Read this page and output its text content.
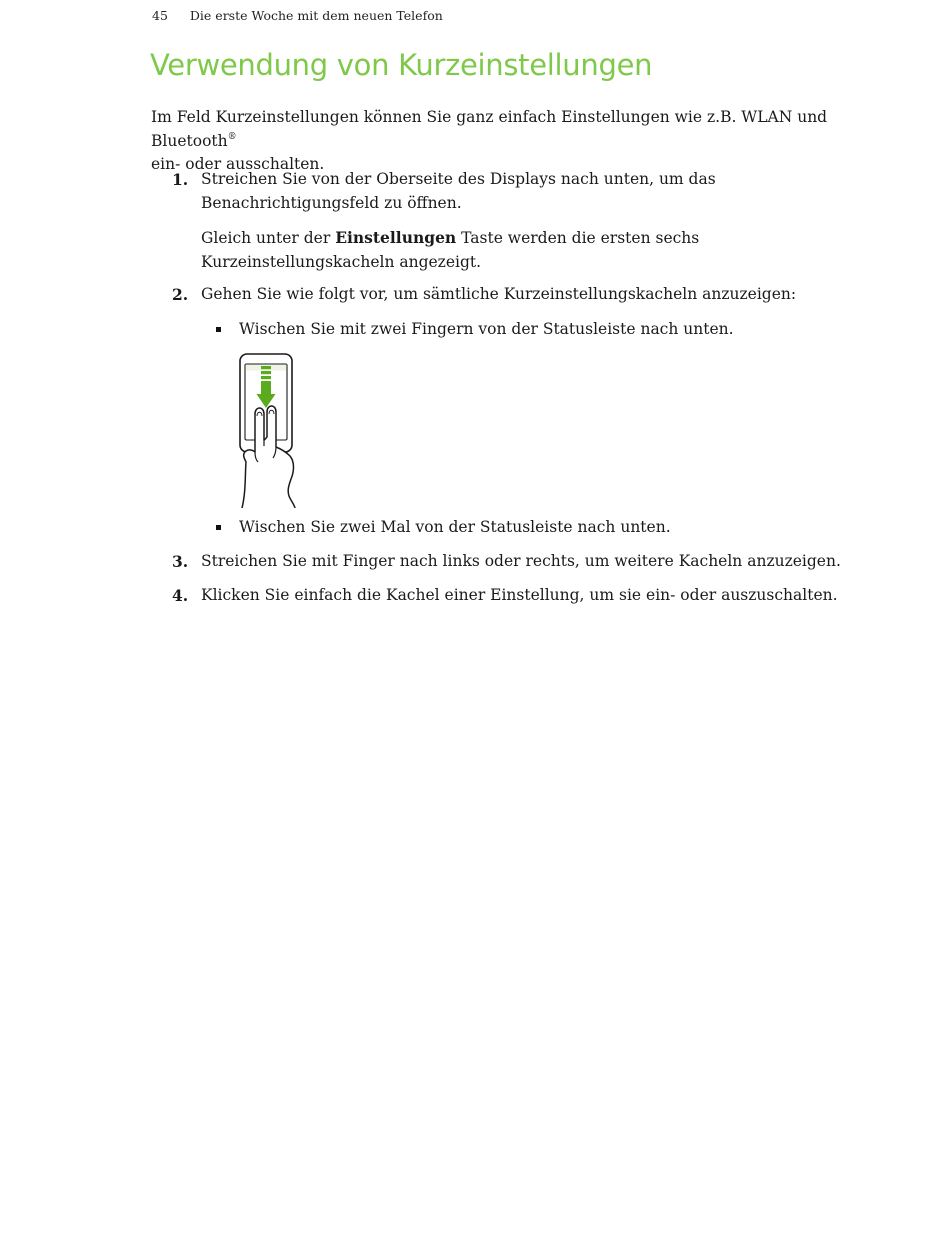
45 Die erste Woche mit dem neuen Telefon
Verwendung von Kurzeinstellungen

Im Feld Kurzeinstellungen können Sie ganz einfach Einstellungen wie z.B. WLAN und Bluetooth®
ein- oder ausschalten.

1. Streichen Sie von der Oberseite des Displays nach unten, um das Benachrichtigungsfeld zu öffnen.
Gleich unter der Einstellungen Taste werden die ersten sechs Kurzeinstellungskacheln angezeigt.
2. Gehen Sie wie folgt vor, um sämtliche Kurzeinstellungskacheln anzuzeigen:
Wischen Sie mit zwei Fingern von der Statusleiste nach unten.
Wischen Sie zwei Mal von der Statusleiste nach unten.
3. Streichen Sie mit Finger nach links oder rechts, um weitere Kacheln anzuzeigen.
4. Klicken Sie einfach die Kachel einer Einstellung, um sie ein- oder auszuschalten.
